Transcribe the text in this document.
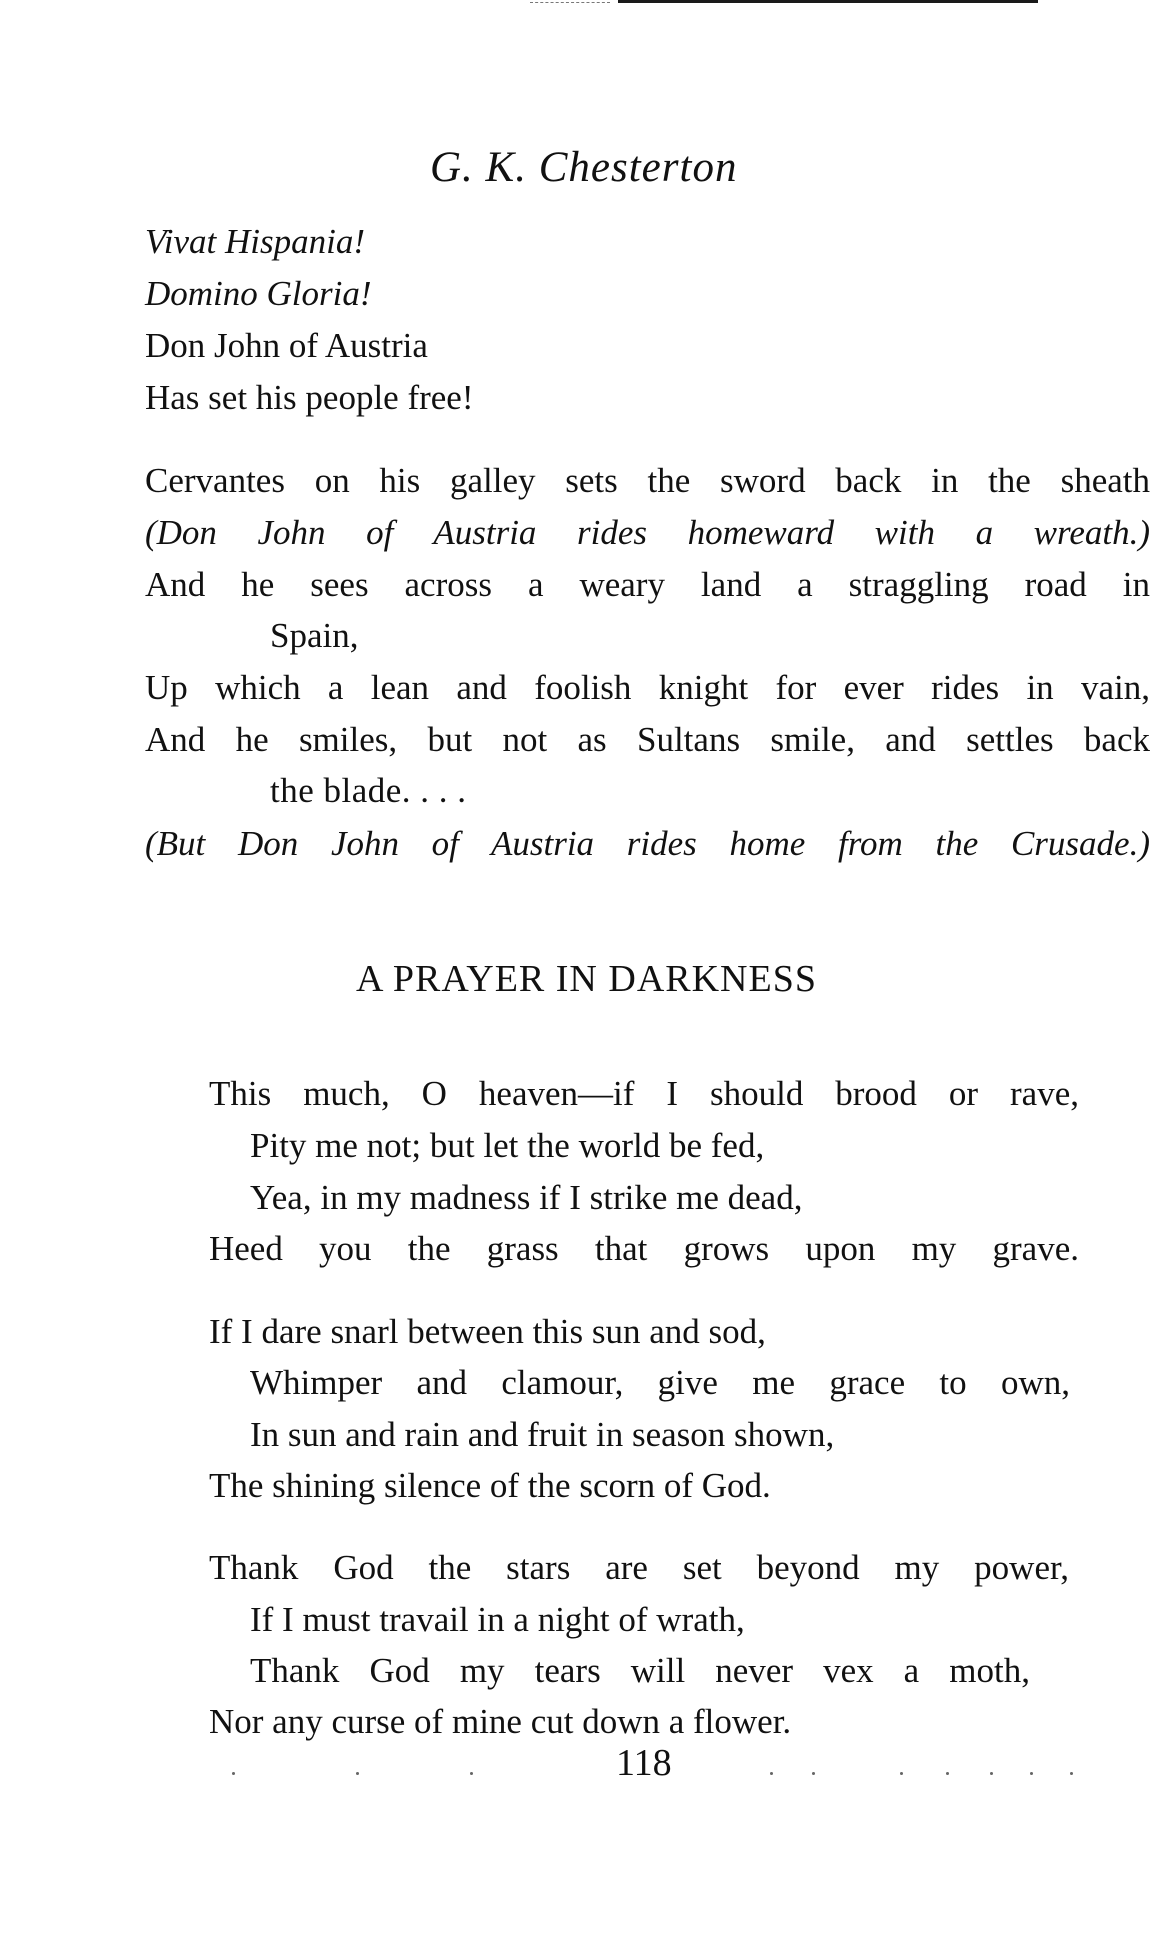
G. K. Chesterton
Vivat Hispania!
Domino Gloria!
Don John of Austria
Has set his people free!
Cervantes on his galley sets the sword back in the sheath
(Don John of Austria rides homeward with a wreath.)
And he sees across a weary land a straggling road in
Spain,
Up which a lean and foolish knight for ever rides in vain,
And he smiles, but not as Sultans smile, and settles back
the blade. . . .
(But Don John of Austria rides home from the Crusade.)
A PRAYER IN DARKNESS
This much, O heaven—if I should brood or rave,
Pity me not; but let the world be fed,
Yea, in my madness if I strike me dead,
Heed you the grass that grows upon my grave.
If I dare snarl between this sun and sod,
Whimper and clamour, give me grace to own,
In sun and rain and fruit in season shown,
The shining silence of the scorn of God.
Thank God the stars are set beyond my power,
If I must travail in a night of wrath,
Thank God my tears will never vex a moth,
Nor any curse of mine cut down a flower.
118
